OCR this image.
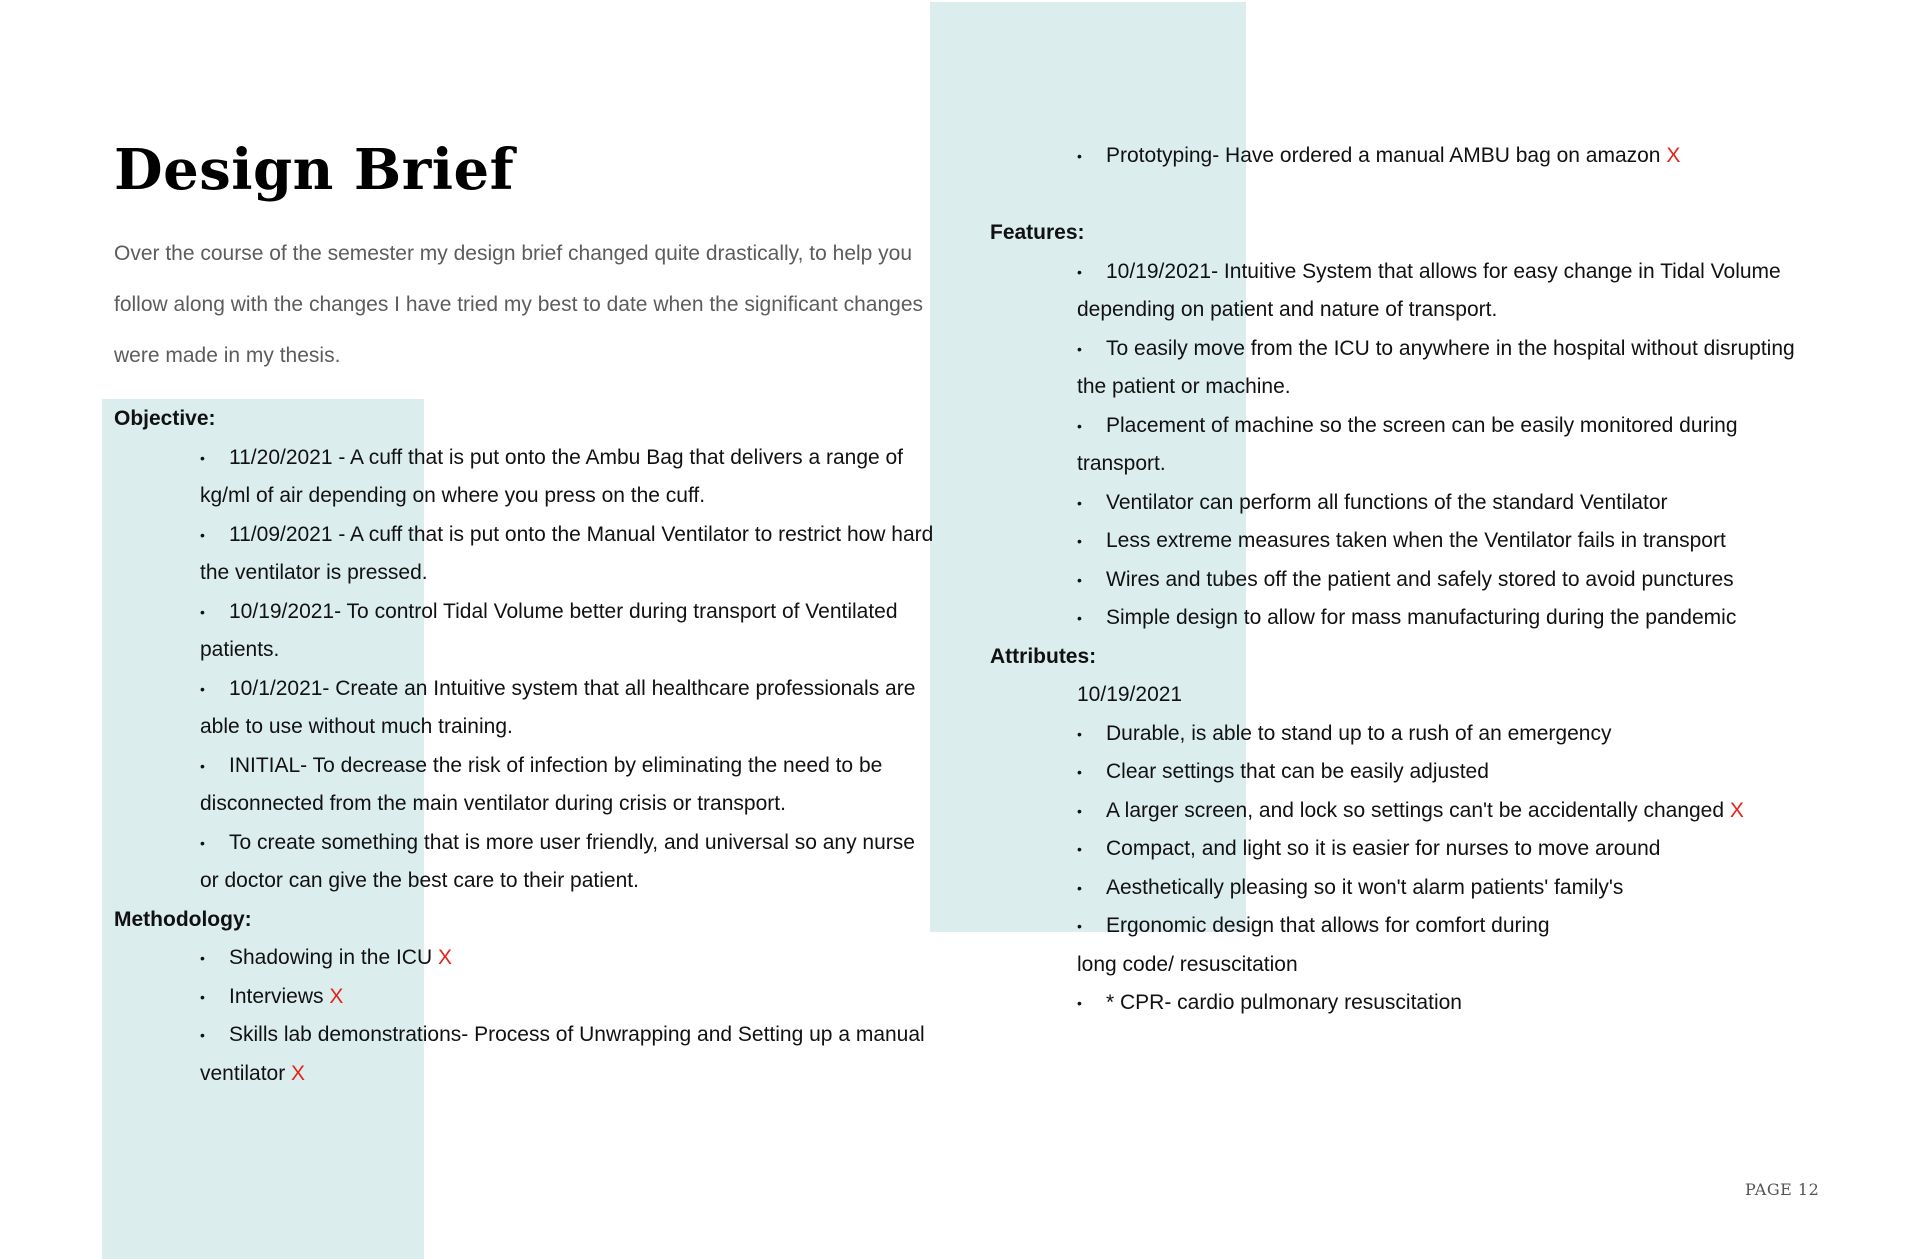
Design Brief

Over the course of the semester my design brief changed quite drastically, to help you follow along with the changes I have tried my best to date when the significant changes were made in my thesis.

Objective:
•	11/20/2021 - A cuff that is put onto the Ambu Bag that delivers a range of kg/ml of air depending on where you press on the cuff.
•	11/09/2021 - A cuff that is put onto the Manual Ventilator to restrict how hard the ventilator is pressed.
•	10/19/2021- To control Tidal Volume better during transport of Ventilated patients.
•	10/1/2021- Create an Intuitive system that all healthcare professionals are able to use without much training.
•	INITIAL- To decrease the risk of infection by eliminating the need to be disconnected from the main ventilator during crisis or transport.
•	To create something that is more user friendly, and universal so any nurse or doctor can give the best care to their patient.
Methodology:
•	Shadowing in the ICU X
•	Interviews X
•	Skills lab demonstrations- Process of Unwrapping and Setting up a manual ventilator X
•	Prototyping- Have ordered a manual AMBU bag on amazon X
Features:
•	10/19/2021- Intuitive System that allows for easy change in Tidal Volume depending on patient and nature of transport.
•	To easily move from the ICU to anywhere in the hospital without disrupting the patient or machine.
•	Placement of machine so the screen can be easily monitored during transport.
•	Ventilator can perform all functions of the standard Ventilator
•	Less extreme measures taken when the Ventilator fails in transport
•	Wires and tubes off the patient and safely stored to avoid punctures
•	Simple design to allow for mass manufacturing during the pandemic
Attributes:
10/19/2021
•	Durable, is able to stand up to a rush of an emergency
•	Clear settings that can be easily adjusted
•	A larger screen, and lock so settings can't be accidentally changed X
•	Compact, and light so it is easier for nurses to move around
•	Aesthetically pleasing so it won't alarm patients' family's
•	Ergonomic design that allows for comfort during
long code/ resuscitation
•	* CPR- cardio pulmonary resuscitation

PAGE 12
